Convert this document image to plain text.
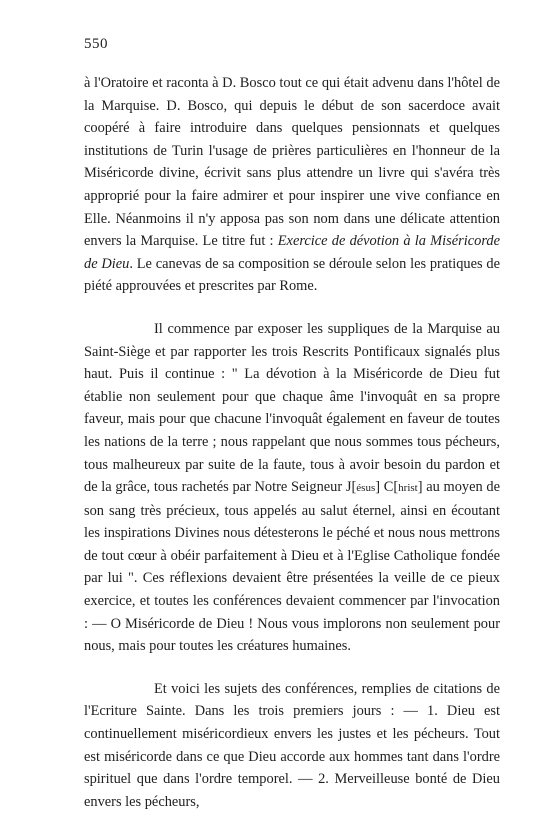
550

à l'Oratoire et raconta à D. Bosco tout ce qui était advenu dans l'hôtel de la Marquise. D. Bosco, qui depuis le début de son sacerdoce avait coopéré à faire introduire dans quelques pensionnats et quelques institutions de Turin l'usage de prières particulières en l'honneur de la Miséricorde divine, écrivit sans plus attendre un livre qui s'avéra très approprié pour la faire admirer et pour inspirer une vive confiance en Elle. Néanmoins il n'y apposa pas son nom dans une délicate attention envers la Marquise. Le titre fut : Exercice de dévotion à la Miséricorde de Dieu. Le canevas de sa composition se déroule selon les pratiques de piété approuvées et prescrites par Rome.

Il commence par exposer les suppliques de la Marquise au Saint-Siège et par rapporter les trois Rescrits Pontificaux signalés plus haut. Puis il continue : " La dévotion à la Miséricorde de Dieu fut établie non seulement pour que chaque âme l'invoquât en sa propre faveur, mais pour que chacune l'invoquât également en faveur de toutes les nations de la terre ; nous rappelant que nous sommes tous pécheurs, tous malheureux par suite de la faute, tous à avoir besoin du pardon et de la grâce, tous rachetés par Notre Seigneur J[ésus] C[hrist] au moyen de son sang très précieux, tous appelés au salut éternel, ainsi en écoutant les inspirations Divines nous détesterons le péché et nous nous mettrons de tout cœur à obéir parfaitement à Dieu et à l'Eglise Catholique fondée par lui ". Ces réflexions devaient être présentées la veille de ce pieux exercice, et toutes les conférences devaient commencer par l'invocation : — O Miséricorde de Dieu ! Nous vous implorons non seulement pour nous, mais pour toutes les créatures humaines.

Et voici les sujets des conférences, remplies de citations de l'Ecriture Sainte. Dans les trois premiers jours : — 1. Dieu est continuellement miséricordieux envers les justes et les pécheurs. Tout est miséricorde dans ce que Dieu accorde aux hommes tant dans l'ordre spirituel que dans l'ordre temporel. — 2. Merveilleuse bonté de Dieu envers les pécheurs,
